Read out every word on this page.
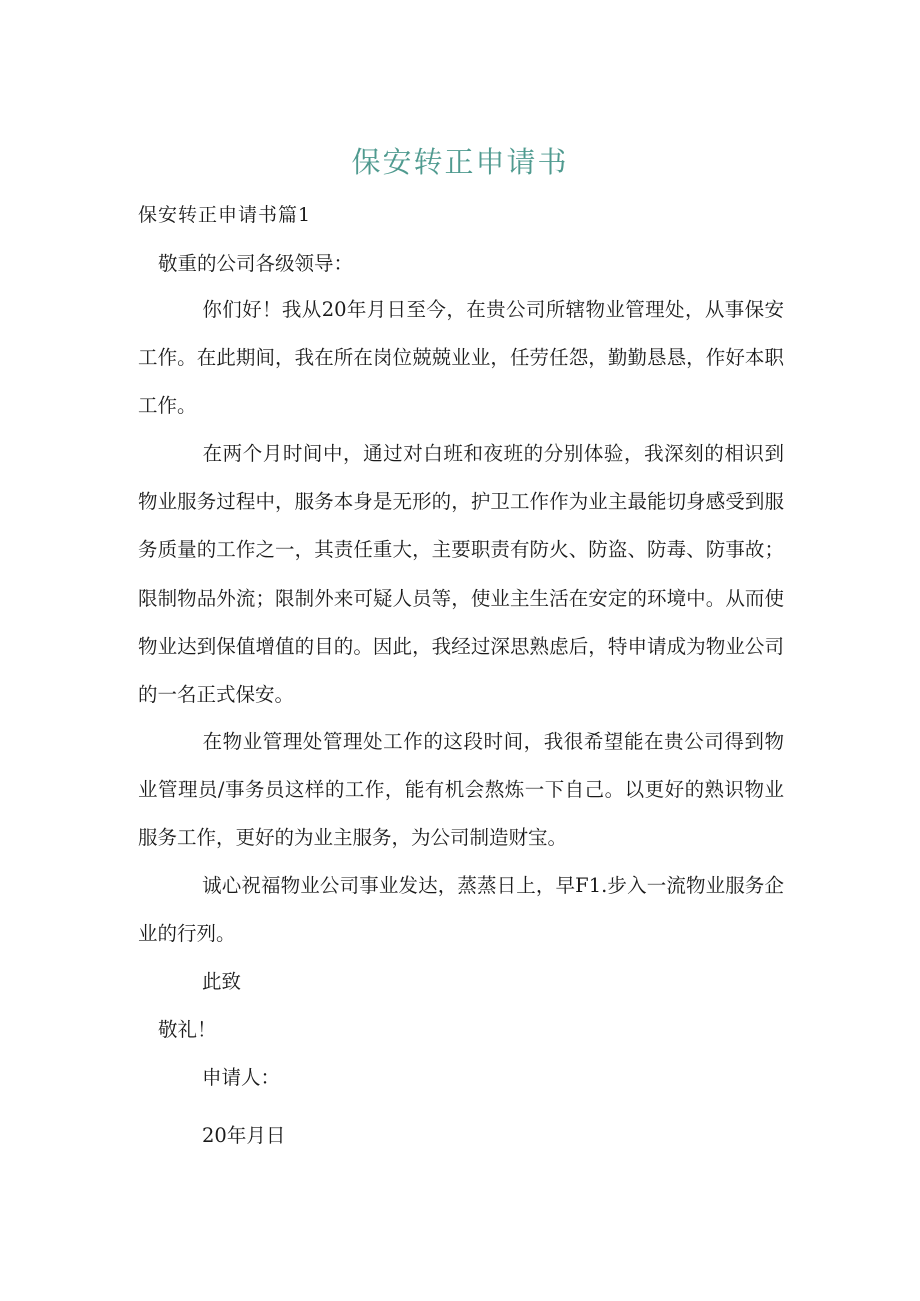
保安转正申请书
保安转正申请书篇1
敬重的公司各级领导：
你们好！我从20年月日至今，在贵公司所辖物业管理处，从事保安工作。在此期间，我在所在岗位兢兢业业，任劳任怨，勤勤恳恳，作好本职工作。
在两个月时间中，通过对白班和夜班的分别体验，我深刻的相识到物业服务过程中，服务本身是无形的，护卫工作作为业主最能切身感受到服务质量的工作之一，其责任重大，主要职责有防火、防盗、防毒、防事故；限制物品外流；限制外来可疑人员等，使业主生活在安定的环境中。从而使物业达到保值增值的目的。因此，我经过深思熟虑后，特申请成为物业公司的一名正式保安。
在物业管理处管理处工作的这段时间，我很希望能在贵公司得到物业管理员/事务员这样的工作，能有机会熬炼一下自己。以更好的熟识物业服务工作，更好的为业主服务，为公司制造财宝。
诚心祝福物业公司事业发达，蒸蒸日上，早F1.步入一流物业服务企业的行列。
此致
敬礼！
申请人：
20年月日
